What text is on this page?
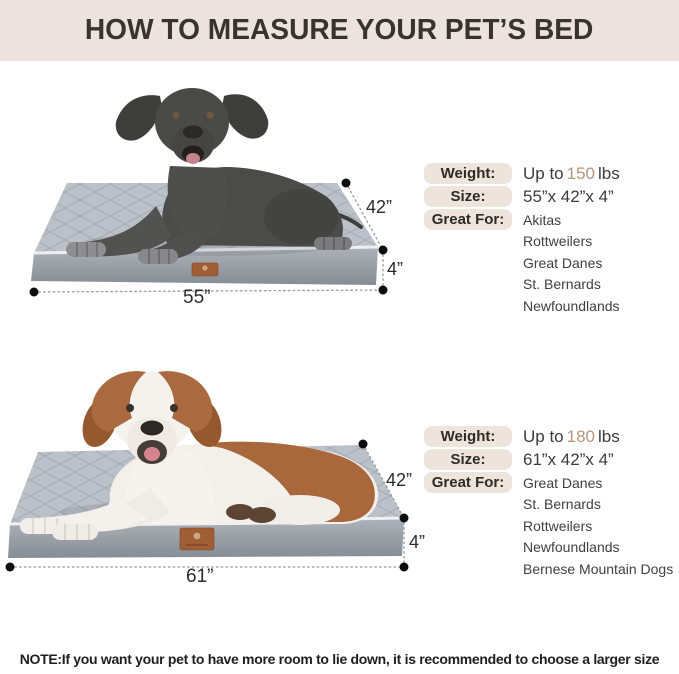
HOW TO MEASURE YOUR PET’S BED
42”
4”
55”
Weight:	Up to 150 lbs
Size:	55”x 42”x 4”
Great For:	Akitas
Rottweilers
Great Danes
St. Bernards
Newfoundlands
42”
4”
61”
Weight:	Up to 180 lbs
Size:	61”x 42”x 4”
Great For:	Great Danes
St. Bernards
Rottweilers
Newfoundlands
Bernese Mountain Dogs
NOTE:If you want your pet to have more room to lie down, it is recommended to choose a larger size
